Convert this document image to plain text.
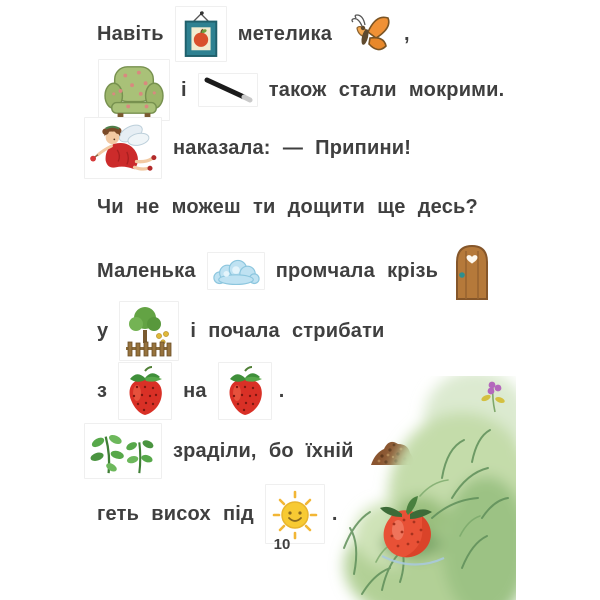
Навіть	метелика	,
і	також стали мокрими.
наказала: — Припини!
Чи не можеш ти дощити ще десь?
Маленька	промчала крізь
у	і почала стрибати
з	на	.
зраділи, бо їхній
геть висох під	.
10
